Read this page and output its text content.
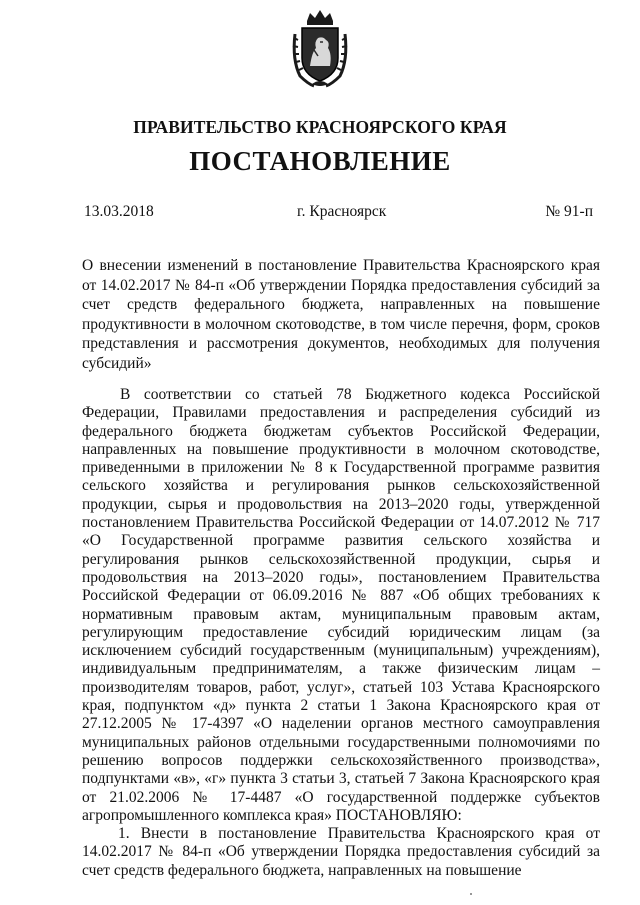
ПРАВИТЕЛЬСТВО КРАСНОЯРСКОГО КРАЯ
ПОСТАНОВЛЕНИЕ
13.03.2018	г. Красноярск	№ 91-п

О внесении изменений в постановление Правительства Красноярского края от 14.02.2017 № 84-п «Об утверждении Порядка предоставления субсидий за счет средств федерального бюджета, направленных на повышение продуктивности в молочном скотоводстве, в том числе перечня, форм, сроков представления и рассмотрения документов, необходимых для получения субсидий»

В соответствии со статьей 78 Бюджетного кодекса Российской Федерации, Правилами предоставления и распределения субсидий из федерального бюджета бюджетам субъектов Российской Федерации, направленных на повышение продуктивности в молочном скотоводстве, приведенными в приложении № 8 к Государственной программе развития сельского хозяйства и регулирования рынков сельскохозяйственной продукции, сырья и продовольствия на 2013–2020 годы, утвержденной постановлением Правительства Российской Федерации от 14.07.2012 № 717 «О Государственной программе развития сельского хозяйства и регулирования рынков сельскохозяйственной продукции, сырья и продовольствия на 2013–2020 годы», постановлением Правительства Российской Федерации от 06.09.2016 № 887 «Об общих требованиях к нормативным правовым актам, муниципальным правовым актам, регулирующим предоставление субсидий юридическим лицам (за исключением субсидий государственным (муниципальным) учреждениям), индивидуальным предпринимателям, а также физическим лицам – производителям товаров, работ, услуг», статьей 103 Устава Красноярского края, подпунктом «д» пункта 2 статьи 1 Закона Красноярского края от 27.12.2005 № 17-4397 «О наделении органов местного самоуправления муниципальных районов отдельными государственными полномочиями по решению вопросов поддержки сельскохозяйственного производства», подпунктами «в», «г» пункта 3 статьи 3, статьей 7 Закона Красноярского края от 21.02.2006 № 17-4487 «О государственной поддержке субъектов агропромышленного комплекса края» ПОСТАНОВЛЯЮ:

1. Внести в постановление Правительства Красноярского края от 14.02.2017 № 84-п «Об утверждении Порядка предоставления субсидий за счет средств федерального бюджета, направленных на повышение
